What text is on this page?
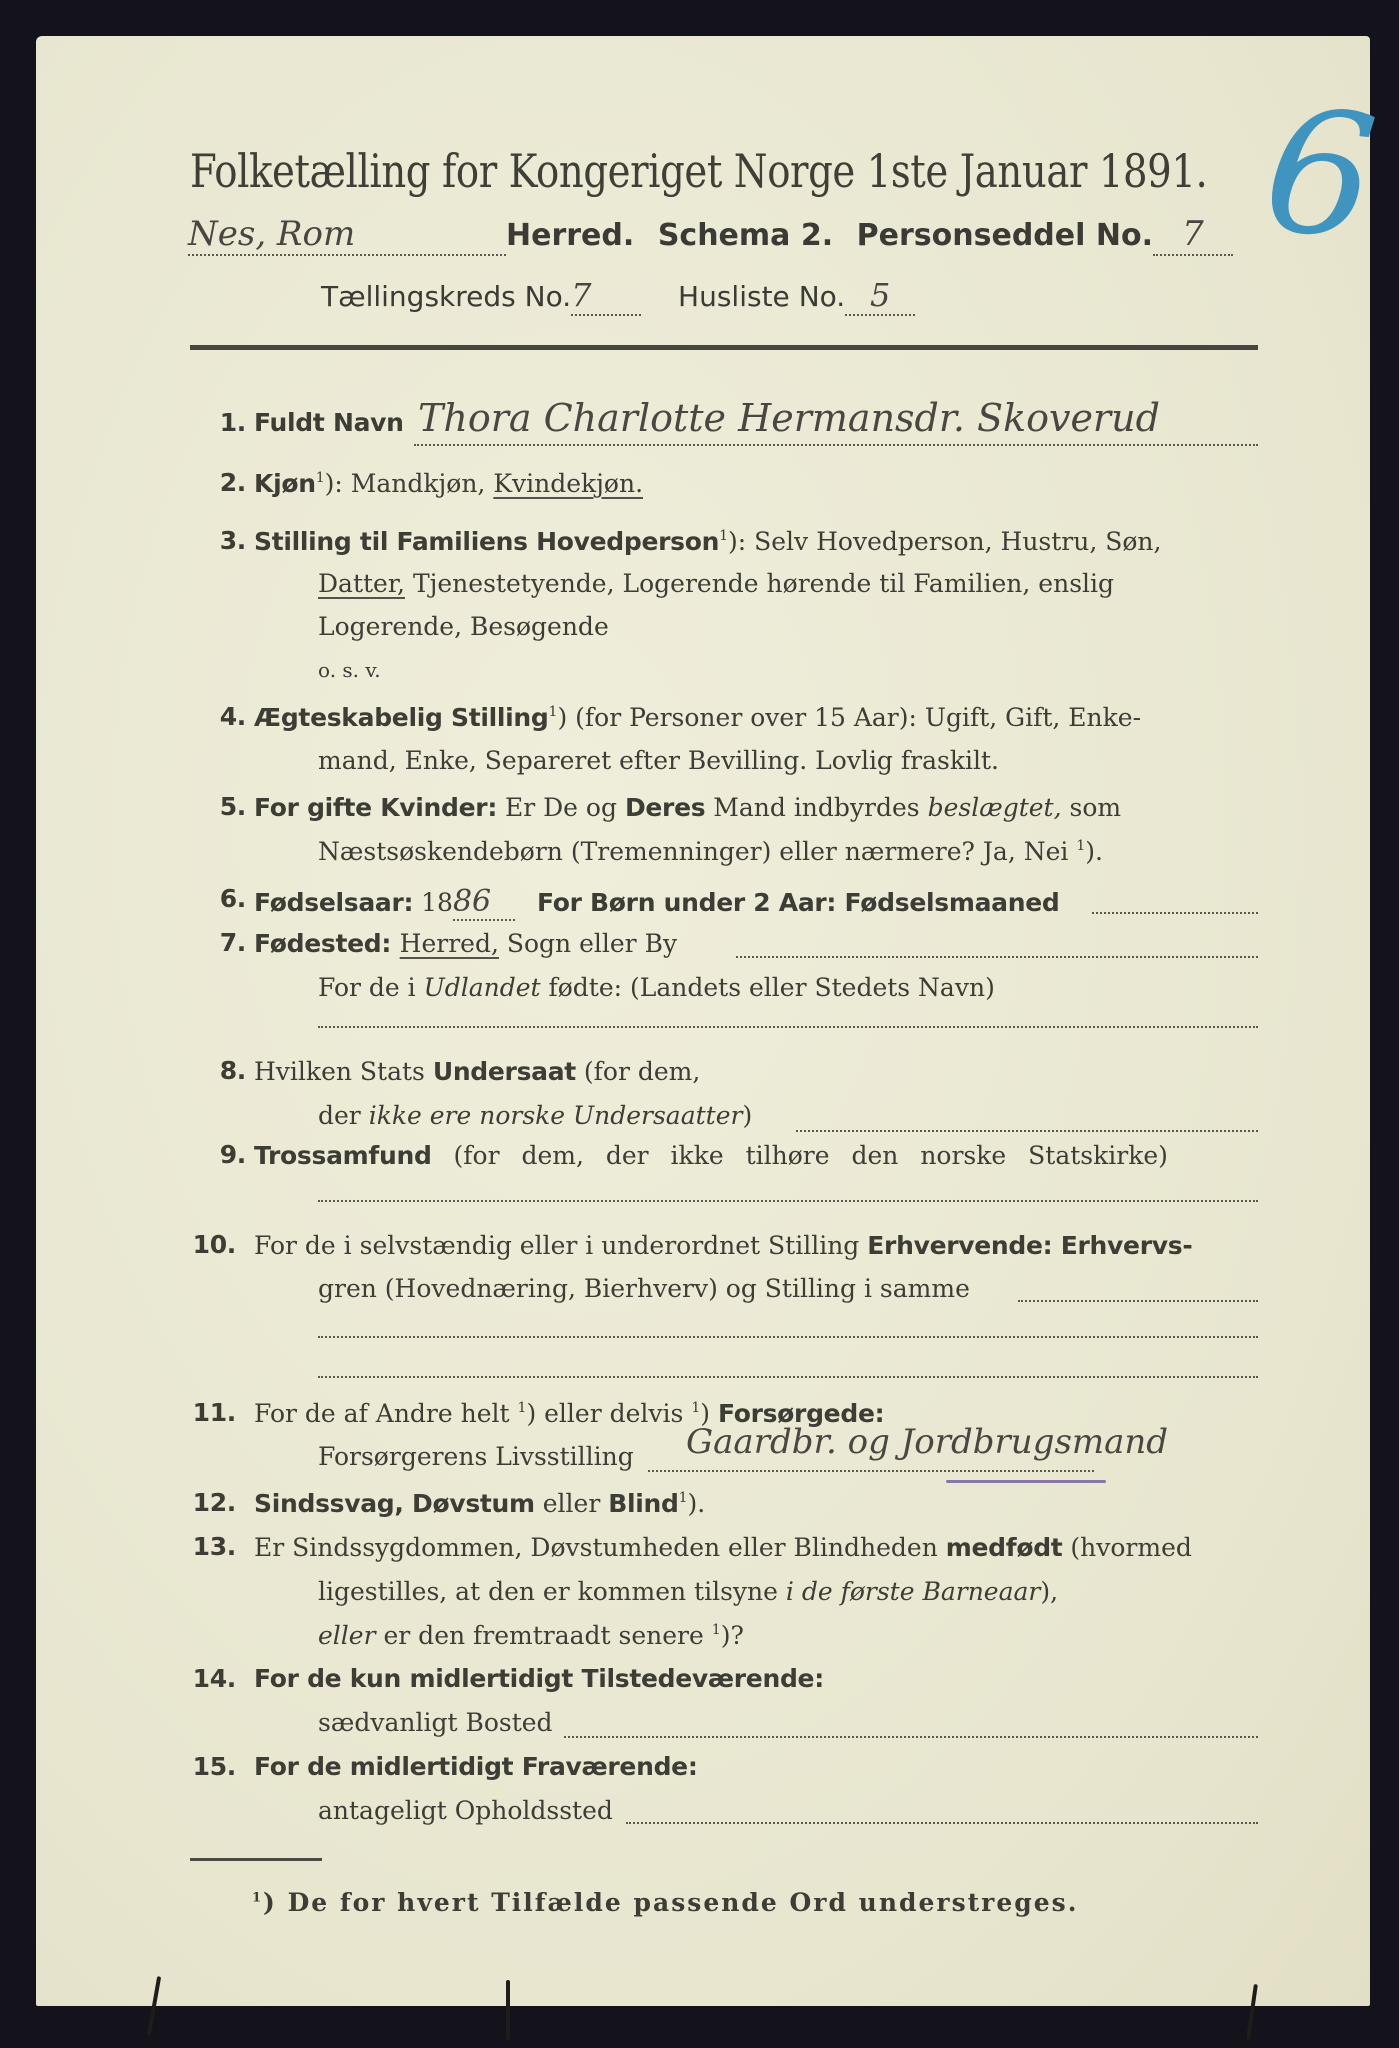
6
Folketælling for Kongeriget Norge 1ste Januar 1891.
Nes, Rom	Herred. Schema 2. Personseddel No. 7
Tællingskreds No.7	Husliste No. 5
1. Fuldt Navn Thora Charlotte Hermansdr. Skoverud
2. Kjøn$^1$): Mandkjøn, Kvindekjøn.
3. Stilling til Familiens Hovedperson$^1$): Selv Hovedperson, Hustru, Søn,
Datter, Tjenestetyende, Logerende hørende til Familien, enslig
Logerende, Besøgende
o. s. v.
4. Ægteskabelig Stilling$^1$) (for Personer over 15 Aar): Ugift, Gift, Enke-
mand, Enke, Separeret efter Bevilling. Lovlig fraskilt.
5. For gifte Kvinder: Er De og Deres Mand indbyrdes beslægtet, som
Næstsøskendebørn (Tremenninger) eller nærmere? Ja, Nei $^1$).
6. Fødselsaar: 1886 For Børn under 2 Aar: Fødselsmaaned
7. Fødested: Herred, Sogn eller By
For de i Udlandet fødte: (Landets eller Stedets Navn)
8. Hvilken Stats Undersaat (for dem,
der ikke ere norske Undersaatter)
9. Trossamfund (for dem, der ikke tilhøre den norske Statskirke)
10. For de i selvstændig eller i underordnet Stilling Erhvervende: Erhvervs-
gren (Hovednæring, Bierhverv) og Stilling i samme
11. For de af Andre helt $^1$) eller delvis $^1$) Forsørgede:
Forsørgerens Livsstilling Gaardbr. og Jordbrugsmand
12. Sindssvag, Døvstum eller Blind$^1$).
13. Er Sindssygdommen, Døvstumheden eller Blindheden medfødt (hvormed
ligestilles, at den er kommen tilsyne i de første Barneaar),
eller er den fremtraadt senere $^1$)?
14. For de kun midlertidigt Tilstedeværende:
sædvanligt Bosted
15. For de midlertidigt Fraværende:
antageligt Opholdssted
$^1$) De for hvert Tilfælde passende Ord understreges.
